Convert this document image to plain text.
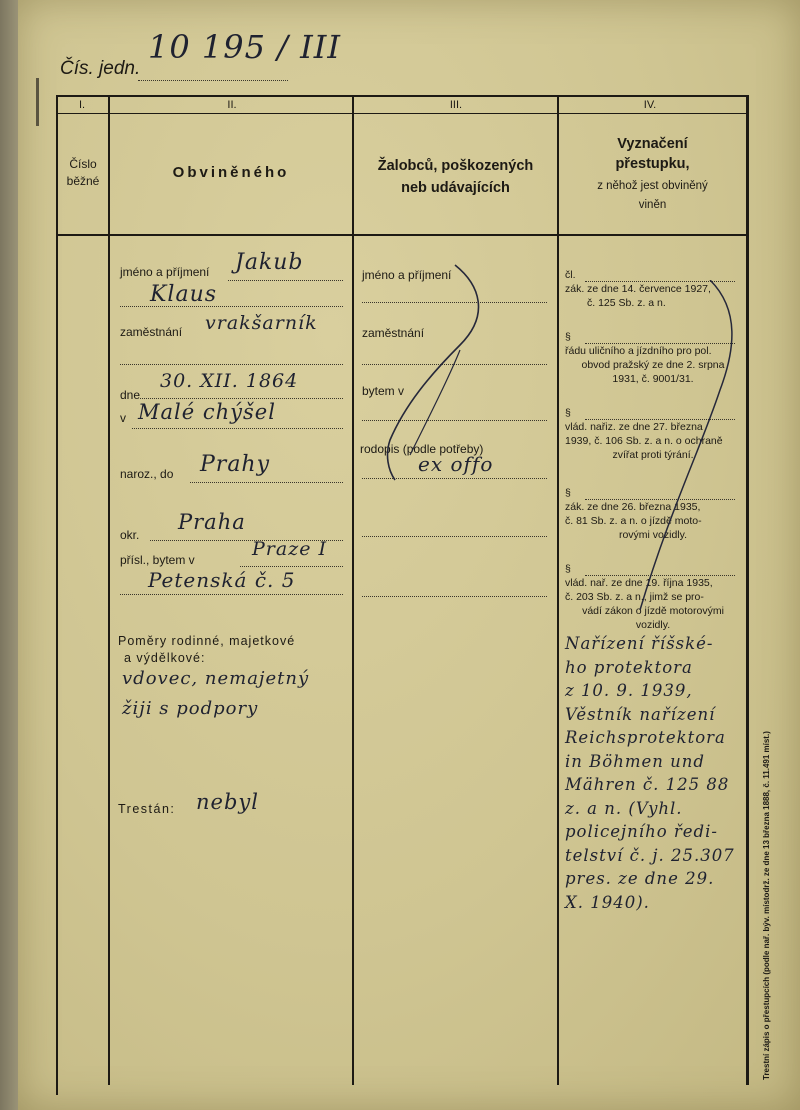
Čís. jedn.
10 195 / III
I.	II.	III.	IV.
Číslo
běžné	Obviněného	Žalobců, poškozených
neb udávajících
Vyznačení
přestupku,
z něhož jest obviněný
viněn
jméno a příjmení Jakub
Klaus
zaměstnání vrakšarník
dne
30. XII. 1864
v Malé chýšel
naroz., do Prahy
okr.
Praha
přísl., bytem v	Praze I
Petenská č. 5
Poměry rodinné, majetkové
a výdělkové:
vdovec, nemajetný
žiji s podpory
Trestán: nebyl
jméno a příjmení
zaměstnání
bytem v
rodopis (podle potřeby)
ex offo
čl.
zák. ze dne 14. července 1927,
č. 125 Sb. z. a n.
§
řádu uličního a jízdního pro pol.
obvod pražský ze dne 2. srpna
1931, č. 9001/31.
§
vlád. nařiz. ze dne 27. března
1939, č. 106 Sb. z. a n. o ochraně
zvířat proti týrání.
§
zák. ze dne 26. března 1935,
č. 81 Sb. z. a n. o jízdě moto-
rovými vozidly.
§
vlád. nař. ze dne 19. října 1935,
č. 203 Sb. z. a n., jimž se pro-
vádí zákon o jízdě motorovými
vozidly.
Nařízení říšské-
ho protektora
z 10. 9. 1939,
Věstník nařízení
Reichsprotektora
in Böhmen und
Mähren č. 125 88
z. a n. (Vyhl.
policejního ředi-
telství č. j. 25.307
pres. ze dne 29.
X. 1940).	Trestní zápis o přestupcích (podle nař. býv. místodrž. ze dne 13 března 1888, č. 11.491 míst.)
